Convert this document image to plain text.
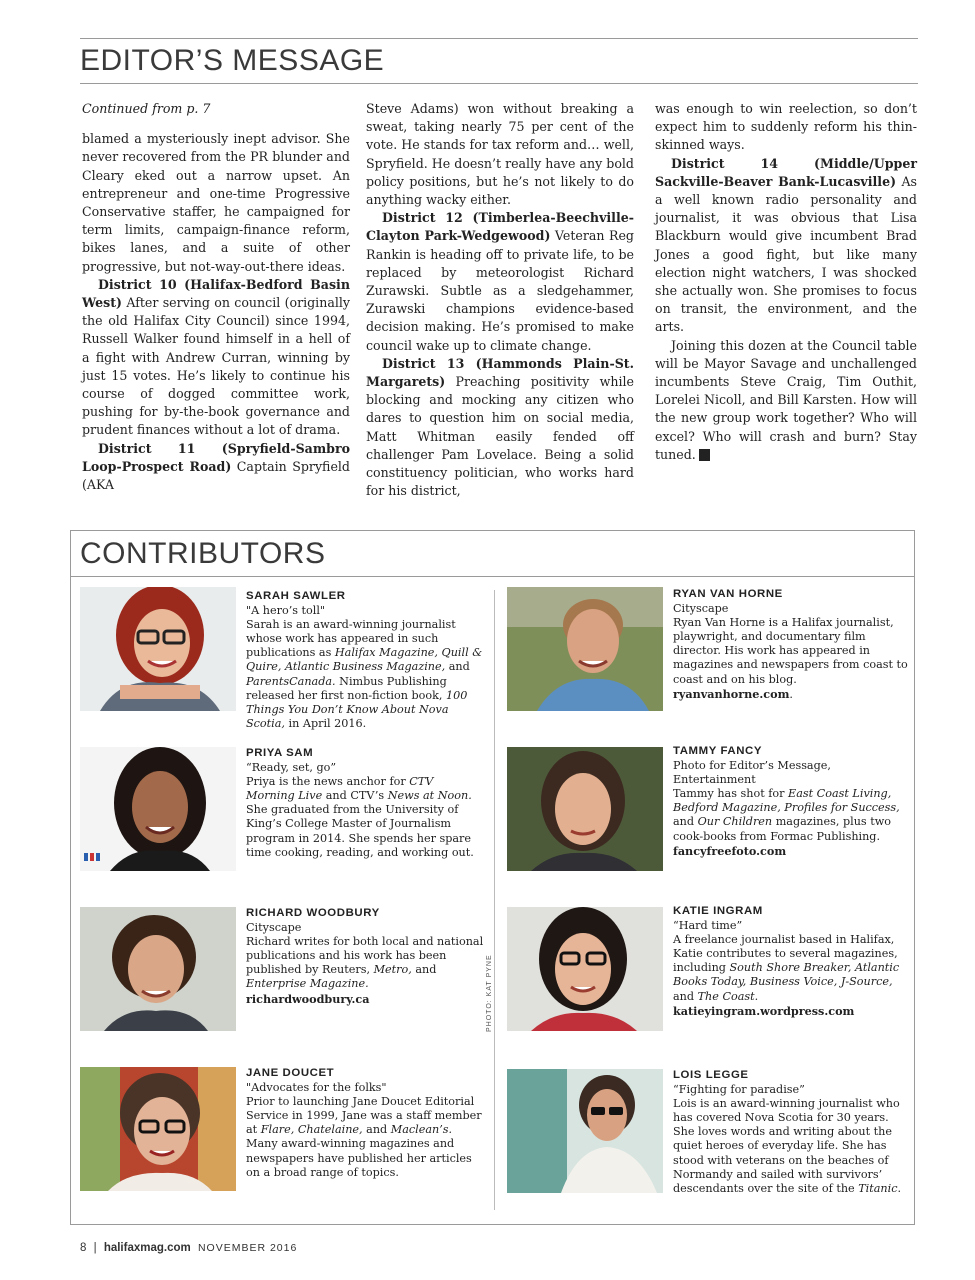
EDITOR’S MESSAGE
Continued from p. 7

blamed a mysteriously inept advisor. She never recovered from the PR blunder and Cleary eked out a narrow upset. An entrepreneur and one-time Progressive Conservative staffer, he campaigned for term limits, campaign-finance reform, bikes lanes, and a suite of other progressive, but not-way-out-there ideas.

District 10 (Halifax-Bedford Basin West) After serving on council (originally the old Halifax City Council) since 1994, Russell Walker found himself in a hell of a fight with Andrew Curran, winning by just 15 votes. He’s likely to continue his course of dogged committee work, pushing for by-the-book governance and prudent finances without a lot of drama.

District 11 (Spryfield-Sambro Loop-Prospect Road) Captain Spryfield (AKA

Steve Adams) won without breaking a sweat, taking nearly 75 per cent of the vote. He stands for tax reform and… well, Spryfield. He doesn’t really have any bold policy positions, but he’s not likely to do anything wacky either.

District 12 (Timberlea-Beechville-Clayton Park-Wedgewood) Veteran Reg Rankin is heading off to private life, to be replaced by meteorologist Richard Zurawski. Subtle as a sledgehammer, Zurawski champions evidence-based decision making. He’s promised to make council wake up to climate change.

District 13 (Hammonds Plain-St. Margarets) Preaching positivity while blocking and mocking any citizen who dares to question him on social media, Matt Whitman easily fended off challenger Pam Lovelace. Being a solid constituency politician, who works hard for his district,

was enough to win reelection, so don’t expect him to suddenly reform his thin-skinned ways.

District 14 (Middle/Upper Sackville-Beaver Bank-Lucasville) As a well known radio personality and journalist, it was obvious that Lisa Blackburn would give incumbent Brad Jones a good fight, but like many election night watchers, I was shocked she actually won. She promises to focus on transit, the environment, and the arts.

Joining this dozen at the Council table will be Mayor Savage and unchallenged incumbents Steve Craig, Tim Outhit, Lorelei Nicoll, and Bill Karsten. How will the new group work together? Who will excel? Who will crash and burn? Stay tuned. H

CONTRIBUTORS
SARAH SAWLER
"A hero’s toll"
Sarah is an award-winning journalist whose work has appeared in such publications as Halifax Magazine, Quill & Quire, Atlantic Business Magazine, and ParentsCanada. Nimbus Publishing released her first non-fiction book, 100 Things You Don’t Know About Nova Scotia, in April 2016.
PRIYA SAM
“Ready, set, go”
Priya is the news anchor for CTV Morning Live and CTV’s News at Noon. She graduated from the University of King’s College Master of Journalism program in 2014. She spends her spare time cooking, reading, and working out.
RICHARD WOODBURY
Cityscape
Richard writes for both local and national publications and his work has been published by Reuters, Metro, and Enterprise Magazine.
richardwoodbury.ca
JANE DOUCET
"Advocates for the folks"
Prior to launching Jane Doucet Editorial Service in 1999, Jane was a staff member at Flare, Chatelaine, and Maclean’s. Many award-winning magazines and newspapers have published her articles on a broad range of topics.
RYAN VAN HORNE
Cityscape
Ryan Van Horne is a Halifax journalist, playwright, and documentary film director. His work has appeared in magazines and newspapers from coast to coast and on his blog. ryanvanhorne.com.
TAMMY FANCY
Photo for Editor’s Message, Entertainment
Tammy has shot for East Coast Living, Bedford Magazine, Profiles for Success, and Our Children magazines, plus two cook-books from Formac Publishing.
fancyfreefoto.com
PHOTO: KAT PYNE
KATIE INGRAM
“Hard time”
A freelance journalist based in Halifax, Katie contributes to several magazines, including South Shore Breaker, Atlantic Books Today, Business Voice, J-Source, and The Coast.
katieyingram.wordpress.com
LOIS LEGGE
“Fighting for paradise”
Lois is an award-winning journalist who has covered Nova Scotia for 30 years. She loves words and writing about the quiet heroes of everyday life. She has stood with veterans on the beaches of Normandy and sailed with survivors’ descendants over the site of the Titanic.
8 | halifaxmag.com NOVEMBER 2016
